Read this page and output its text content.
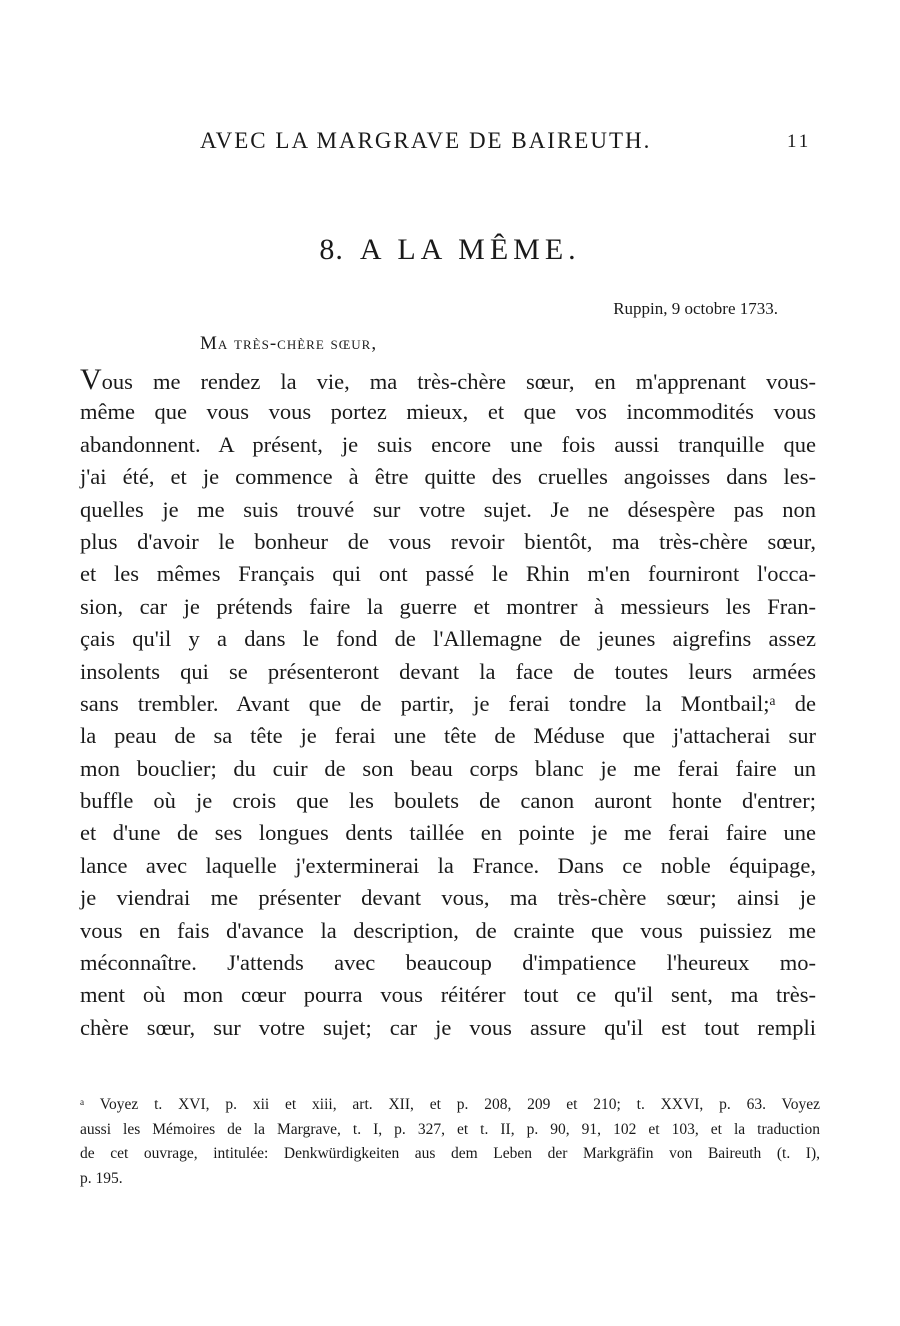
AVEC LA MARGRAVE DE BAIREUTH.	11
8. A LA MÊME.
Ruppin, 9 octobre 1733.
Ma très-chère sœur,
Vous me rendez la vie, ma très-chère sœur, en m'apprenant vous-
même que vous vous portez mieux, et que vos incommodités vous
abandonnent. A présent, je suis encore une fois aussi tranquille que
j'ai été, et je commence à être quitte des cruelles angoisses dans les-
quelles je me suis trouvé sur votre sujet. Je ne désespère pas non
plus d'avoir le bonheur de vous revoir bientôt, ma très-chère sœur,
et les mêmes Français qui ont passé le Rhin m'en fourniront l'occa-
sion, car je prétends faire la guerre et montrer à messieurs les Fran-
çais qu'il y a dans le fond de l'Allemagne de jeunes aigrefins assez
insolents qui se présenteront devant la face de toutes leurs armées
sans trembler. Avant que de partir, je ferai tondre la Montbail;ᵃ de
la peau de sa tête je ferai une tête de Méduse que j'attacherai sur
mon bouclier; du cuir de son beau corps blanc je me ferai faire un
buffle où je crois que les boulets de canon auront honte d'entrer;
et d'une de ses longues dents taillée en pointe je me ferai faire une
lance avec laquelle j'exterminerai la France. Dans ce noble équipage,
je viendrai me présenter devant vous, ma très-chère sœur; ainsi je
vous en fais d'avance la description, de crainte que vous puissiez me
méconnaître. J'attends avec beaucoup d'impatience l'heureux mo-
ment où mon cœur pourra vous réitérer tout ce qu'il sent, ma très-
chère sœur, sur votre sujet; car je vous assure qu'il est tout rempli
ᵃ Voyez t. XVI, p. xii et xiii, art. XII, et p. 208, 209 et 210; t. XXVI, p. 63. Voyez
aussi les Mémoires de la Margrave, t. I, p. 327, et t. II, p. 90, 91, 102 et 103, et la traduction
de cet ouvrage, intitulée: Denkwürdigkeiten aus dem Leben der Markgräfin von Baireuth (t. I),
p. 195.
